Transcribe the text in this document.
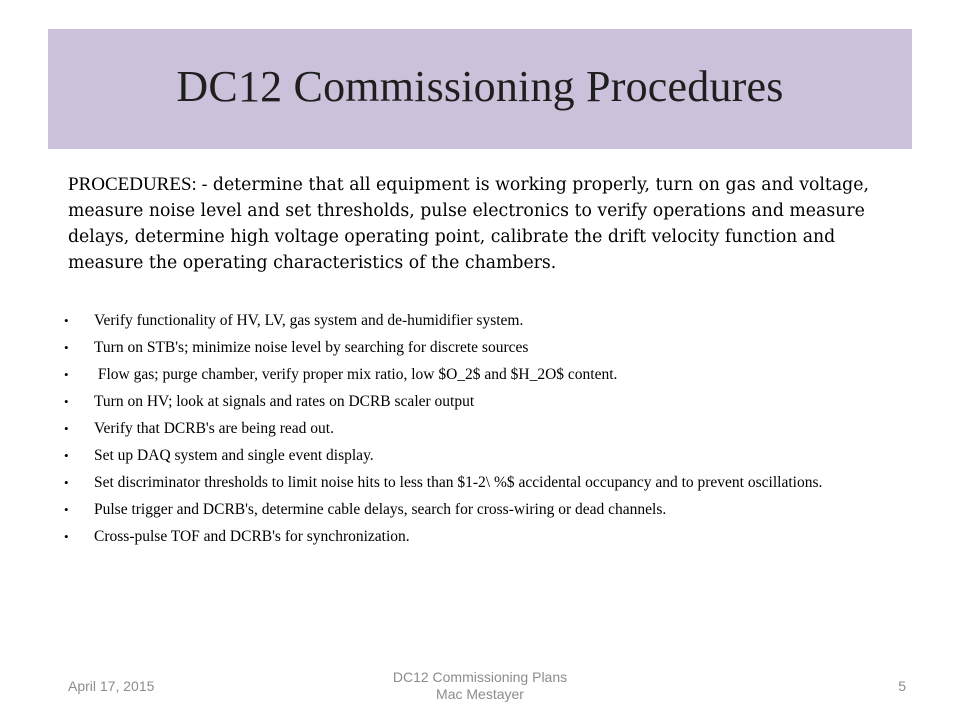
DC12 Commissioning Procedures

PROCEDURES: - determine that all equipment is working properly, turn on gas and voltage, measure noise level and set thresholds, pulse electronics to verify operations and measure delays, determine high voltage operating point, calibrate the drift velocity function and measure the operating characteristics of the chambers.

• Verify functionality of HV, LV, gas system and de-humidifier system.
• Turn on STB's; minimize noise level by searching for discrete sources
• Flow gas; purge chamber, verify proper mix ratio, low $O_2$ and $H_2O$ content.
• Turn on HV; look at signals and rates on DCRB scaler output
• Verify that DCRB's are being read out.
• Set up DAQ system and single event display.
• Set discriminator thresholds to limit noise hits to less than $1-2\ %$ accidental occupancy and to prevent oscillations.
• Pulse trigger and DCRB's, determine cable delays, search for cross-wiring or dead channels.
• Cross-pulse TOF and DCRB's for synchronization.
April 17, 2015
DC12 Commissioning Plans
Mac Mestayer	5
